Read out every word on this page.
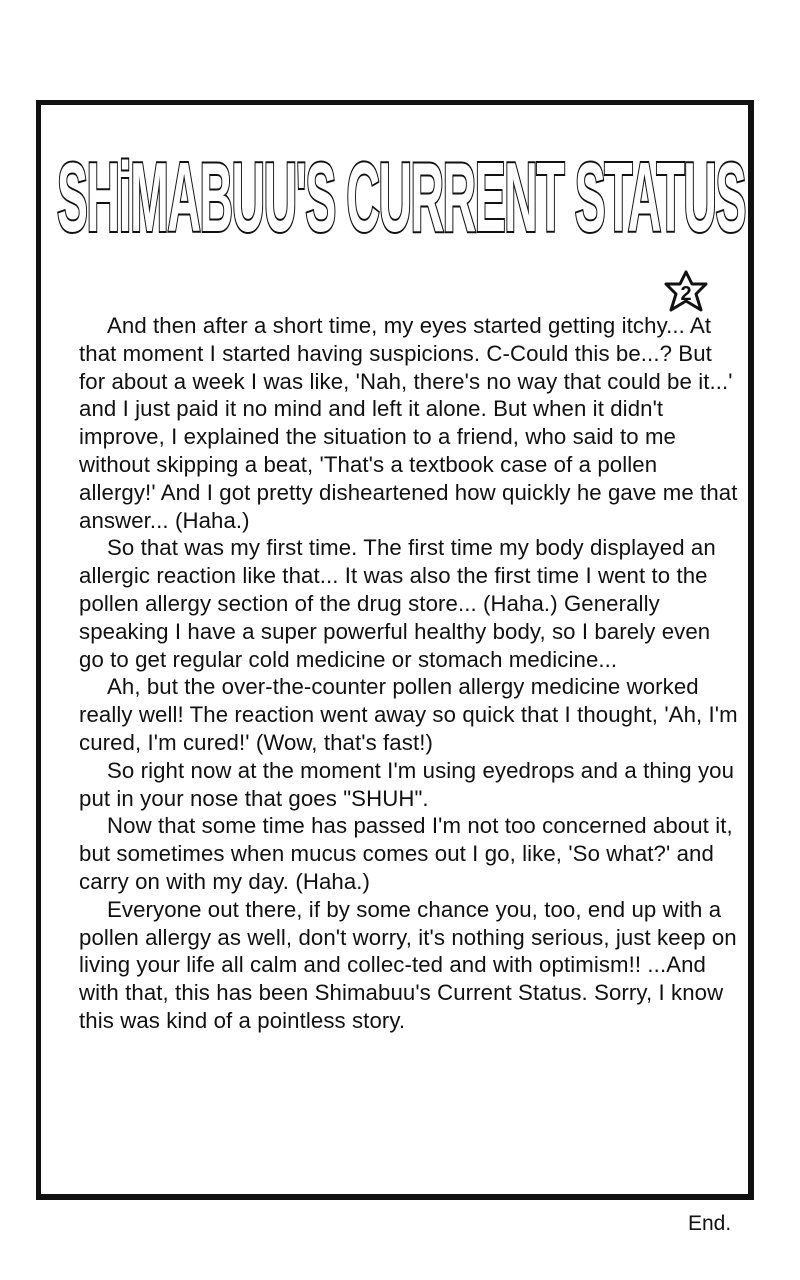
SHiMABUU'S CURRENT STATUS
2

And then after a short time, my eyes started getting itchy... At that moment I started having suspicions. C-Could this be...? But for about a week I was like, 'Nah, there's no way that could be it...' and I just paid it no mind and left it alone. But when it didn't improve, I explained the situation to a friend, who said to me without skipping a beat, 'That's a textbook case of a pollen allergy!' And I got pretty disheartened how quickly he gave me that answer... (Haha.)

So that was my first time. The first time my body displayed an allergic reaction like that... It was also the first time I went to the pollen allergy section of the drug store... (Haha.) Generally speaking I have a super powerful healthy body, so I barely even go to get regular cold medicine or stomach medicine...

Ah, but the over-the-counter pollen allergy medicine worked really well! The reaction went away so quick that I thought, 'Ah, I'm cured, I'm cured!' (Wow, that's fast!)

So right now at the moment I'm using eyedrops and a thing you put in your nose that goes "SHUH".

Now that some time has passed I'm not too concerned about it, but sometimes when mucus comes out I go, like, 'So what?' and carry on with my day. (Haha.)

Everyone out there, if by some chance you, too, end up with a pollen allergy as well, don't worry, it's nothing serious, just keep on living your life all calm and collec-ted and with optimism!! ...And with that, this has been Shimabuu's Current Status. Sorry, I know this was kind of a pointless story.

End.
